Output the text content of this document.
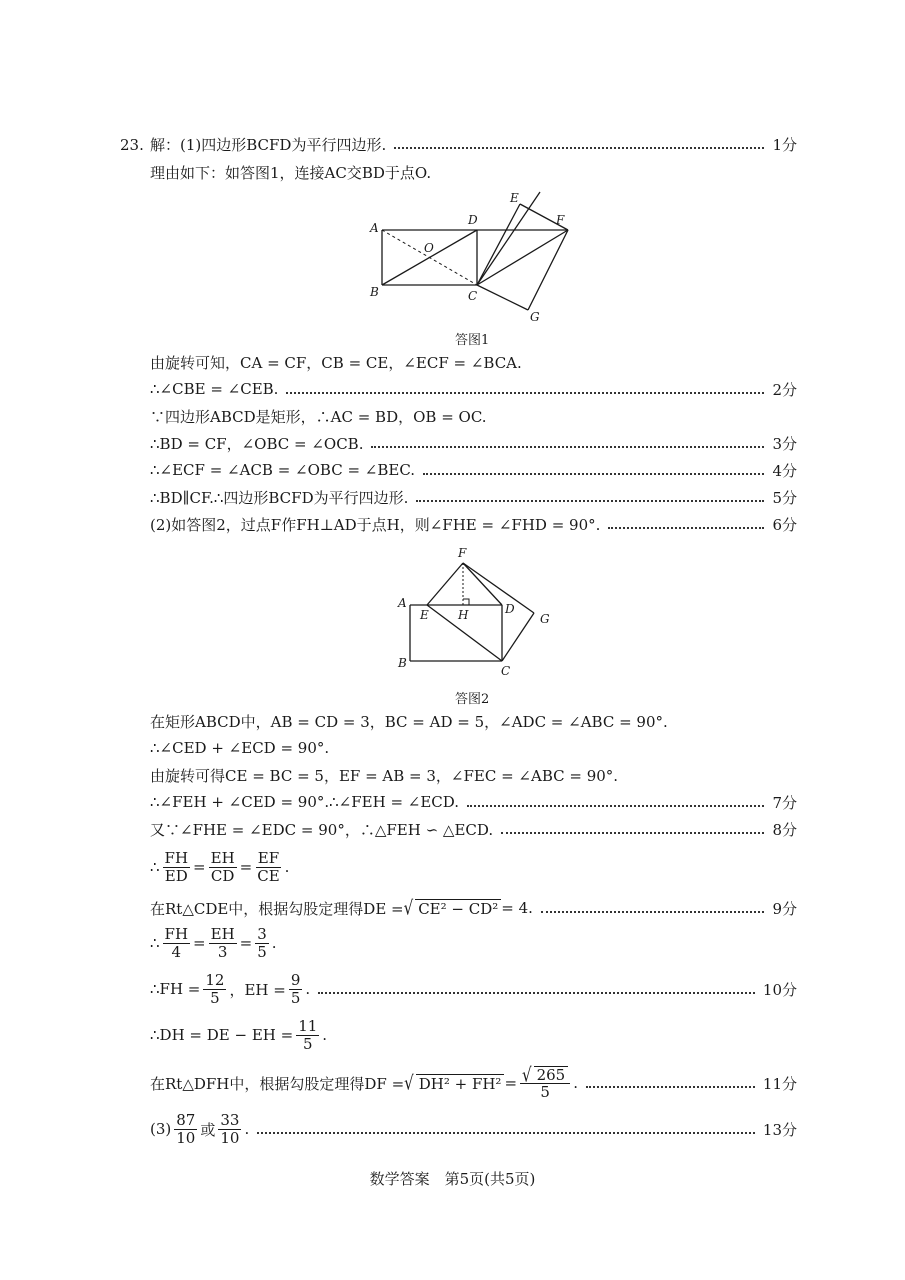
23. 解：(1)四边形BCFD为平行四边形.	1分
理由如下：如答图1，连接AC交BD于点O.
A
B	C
D
E
F
G
O
答图1
由旋转可知，CA = CF，CB = CE，∠ECF = ∠BCA.
∴∠CBE = ∠CEB.	2分
∵四边形ABCD是矩形，∴AC = BD，OB = OC.
∴BD = CF，∠OBC = ∠OCB.	3分
∴∠ECF = ∠ACB = ∠OBC = ∠BEC.	4分
∴BD∥CF.∴四边形BCFD为平行四边形.	5分
(2)如答图2，过点F作FH⊥AD于点H，则∠FHE = ∠FHD = 90°.	6分
A
B
C
D
E
F
G
H
答图2
在矩形ABCD中，AB = CD = 3，BC = AD = 5，∠ADC = ∠ABC = 90°.
∴∠CED + ∠ECD = 90°.
由旋转可得CE = BC = 5，EF = AB = 3，∠FEC = ∠ABC = 90°.
∴∠FEH + ∠CED = 90°.∴∠FEH = ∠ECD.	7分
又∵∠FHE = ∠EDC = 90°，∴△FEH ∽ △ECD.	8分
∴ $\frac{FH}{ED} = \frac{EH}{CD} = \frac{EF}{CE}$ .
在Rt△CDE中，根据勾股定理得DE = √ CE² − CD² = 4.	9分
∴ $\frac{FH}{4} = \frac{EH}{3} = \frac{3}{5}$ .
∴FH = $\frac{12}{5}$ ，EH = $\frac{9}{5}$ .	10分
∴DH = DE − EH = $\frac{11}{5}$ .
在Rt△DFH中，根据勾股定理得DF = √ $DH^2 + FH^2 = \frac{√ 265}{5}$ .	11分
$(3) \frac{87}{10}$ 或 $\frac{33}{10}$ .	13分
数学答案　第5页(共5页)
